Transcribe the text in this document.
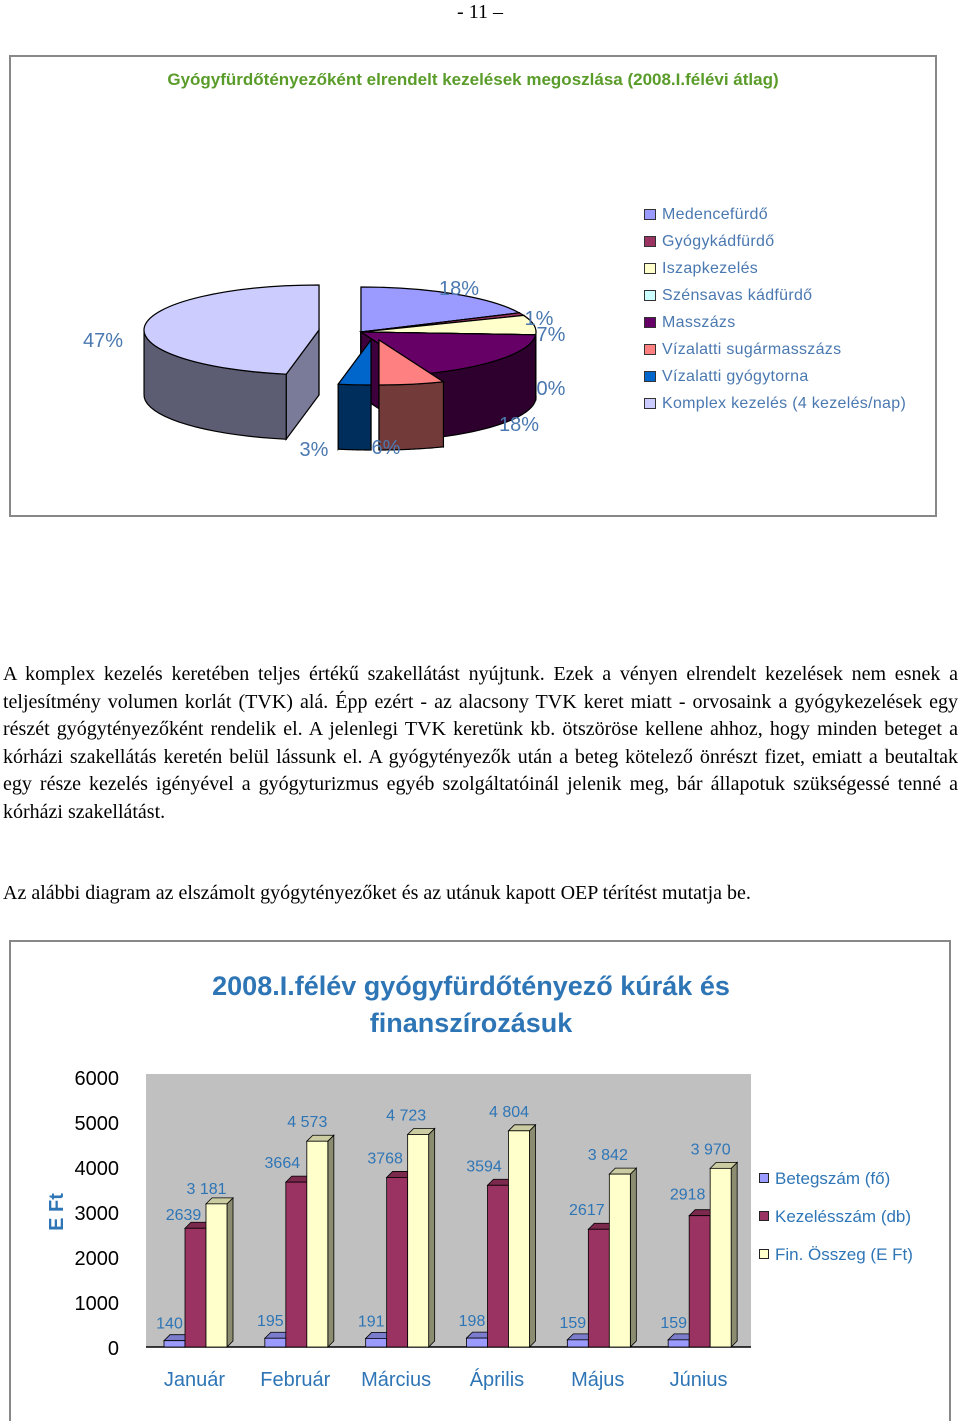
- 11 –
Gyógyfürdőtényezőként elrendelt kezelések megoszlása (2008.I.félévi átlag)
18%
1%
7%
0%
18%
6%
3%
47%
Medencefürdő
Gyógykádfürdő
Iszapkezelés
Szénsavas kádfürdő
Masszázs
Vízalatti sugármasszázs
Vízalatti gyógytorna
Komplex kezelés (4 kezelés/nap)
A komplex kezelés keretében teljes értékű szakellátást nyújtunk. Ezek a vényen elrendelt kezelések nem esnek a teljesítmény volumen korlát (TVK) alá. Épp ezért - az alacsony TVK keret miatt - orvosaink a gyógykezelések egy részét gyógytényezőként rendelik el. A jelenlegi TVK keretünk kb. ötszöröse kellene ahhoz, hogy minden beteget a kórházi szakellátás keretén belül lássunk el. A gyógytényezők után a beteg kötelező önrészt fizet, emiatt a beutaltak egy része kezelés igényével a gyógyturizmus egyéb szolgáltatóinál jelenik meg, bár állapotuk szükségessé tenné a kórházi szakellátást.
Az alábbi diagram az elszámolt gyógytényezőket és az utánuk kapott OEP térítést mutatja be.
2008.I.félév gyógyfürdőtényező kúrák és finanszírozásuk
0
1000
2000
3000
4000
5000
6000
E Ft
140
2639
3 181
Január
195
3664
4 573
Február
191
3768
4 723
Március
198
3594
4 804
Április
159
2617
3 842
Május
159
2918
3 970
Június
Betegszám (fő)
Kezelésszám (db)
Fin. Összeg (E Ft)
